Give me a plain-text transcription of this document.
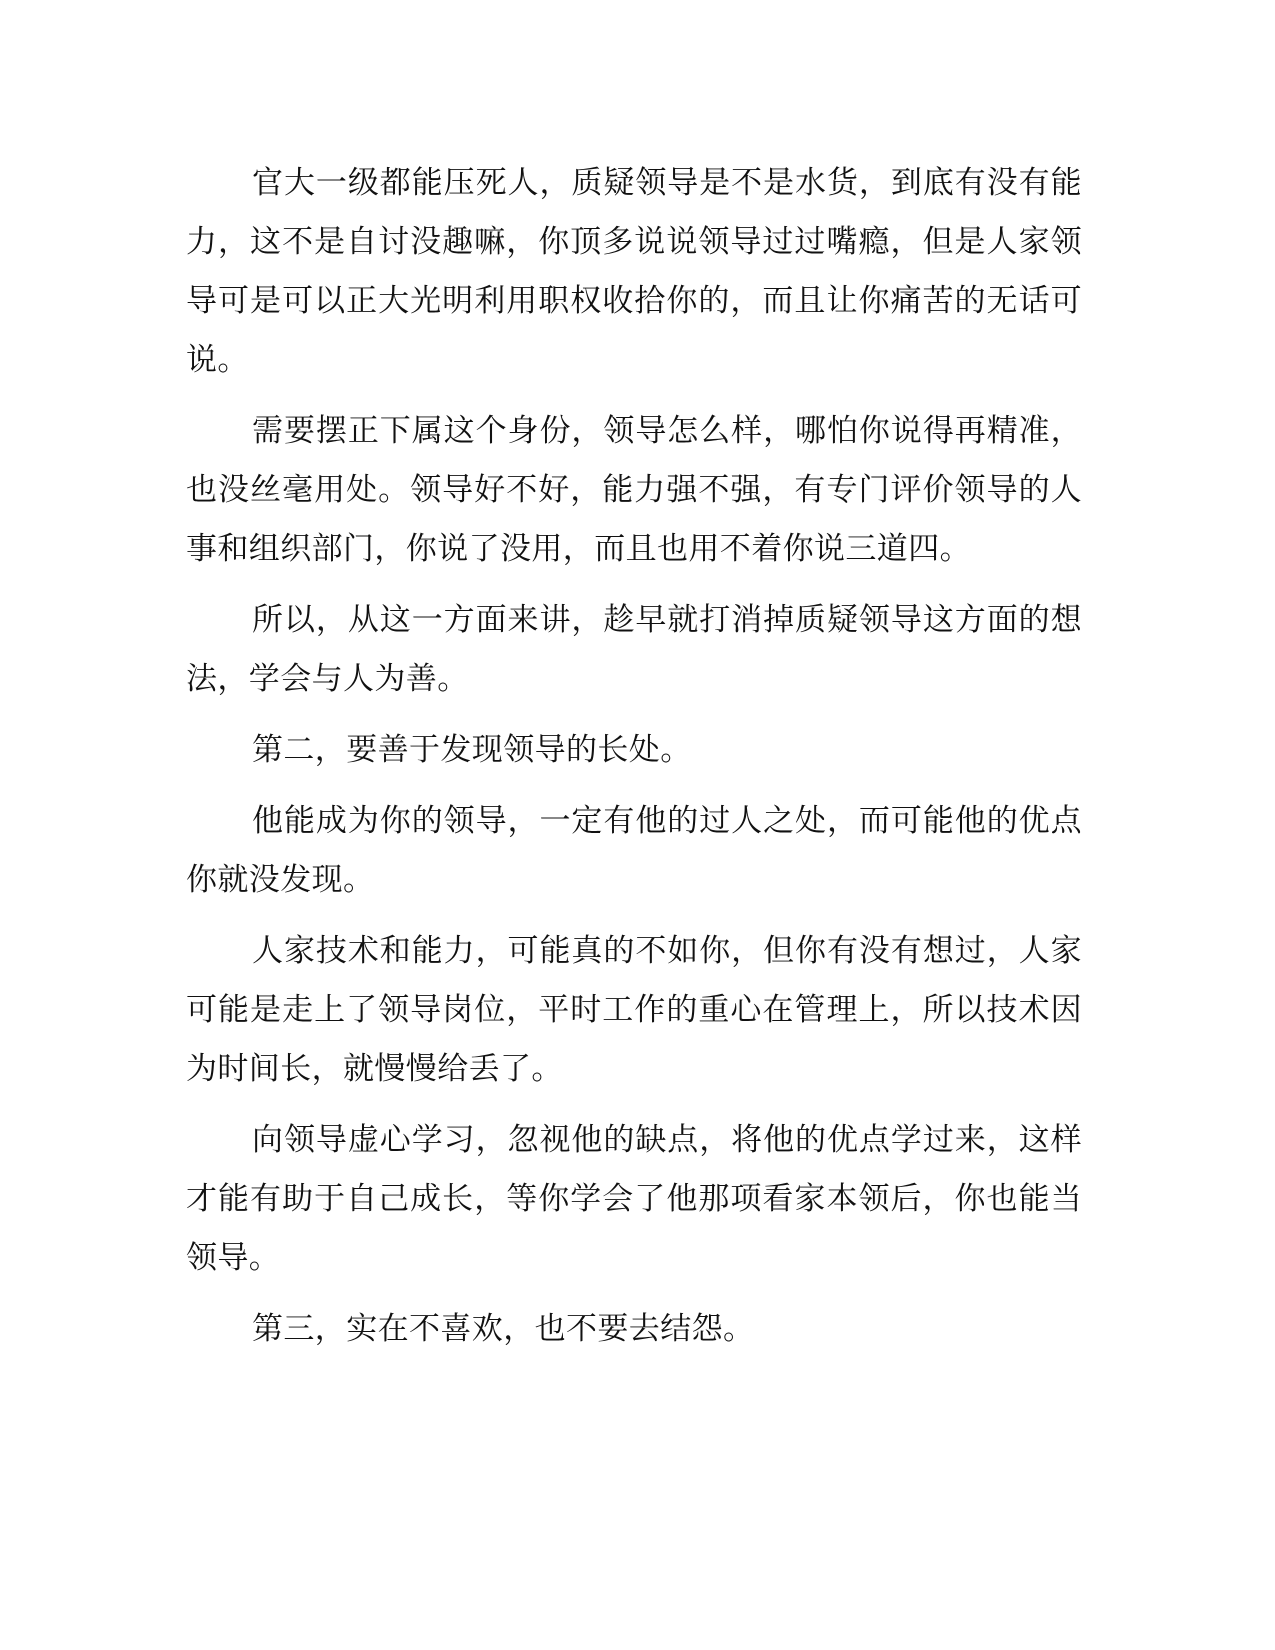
官大一级都能压死人，质疑领导是不是水货，到底有没有能力，这不是自讨没趣嘛，你顶多说说领导过过嘴瘾，但是人家领导可是可以正大光明利用职权收拾你的，而且让你痛苦的无话可说。

需要摆正下属这个身份，领导怎么样，哪怕你说得再精准，也没丝毫用处。领导好不好，能力强不强，有专门评价领导的人事和组织部门，你说了没用，而且也用不着你说三道四。

所以，从这一方面来讲，趁早就打消掉质疑领导这方面的想法，学会与人为善。

第二，要善于发现领导的长处。

他能成为你的领导，一定有他的过人之处，而可能他的优点你就没发现。

人家技术和能力，可能真的不如你，但你有没有想过，人家可能是走上了领导岗位，平时工作的重心在管理上，所以技术因为时间长，就慢慢给丢了。

向领导虚心学习，忽视他的缺点，将他的优点学过来，这样才能有助于自己成长，等你学会了他那项看家本领后，你也能当领导。

第三，实在不喜欢，也不要去结怨。
